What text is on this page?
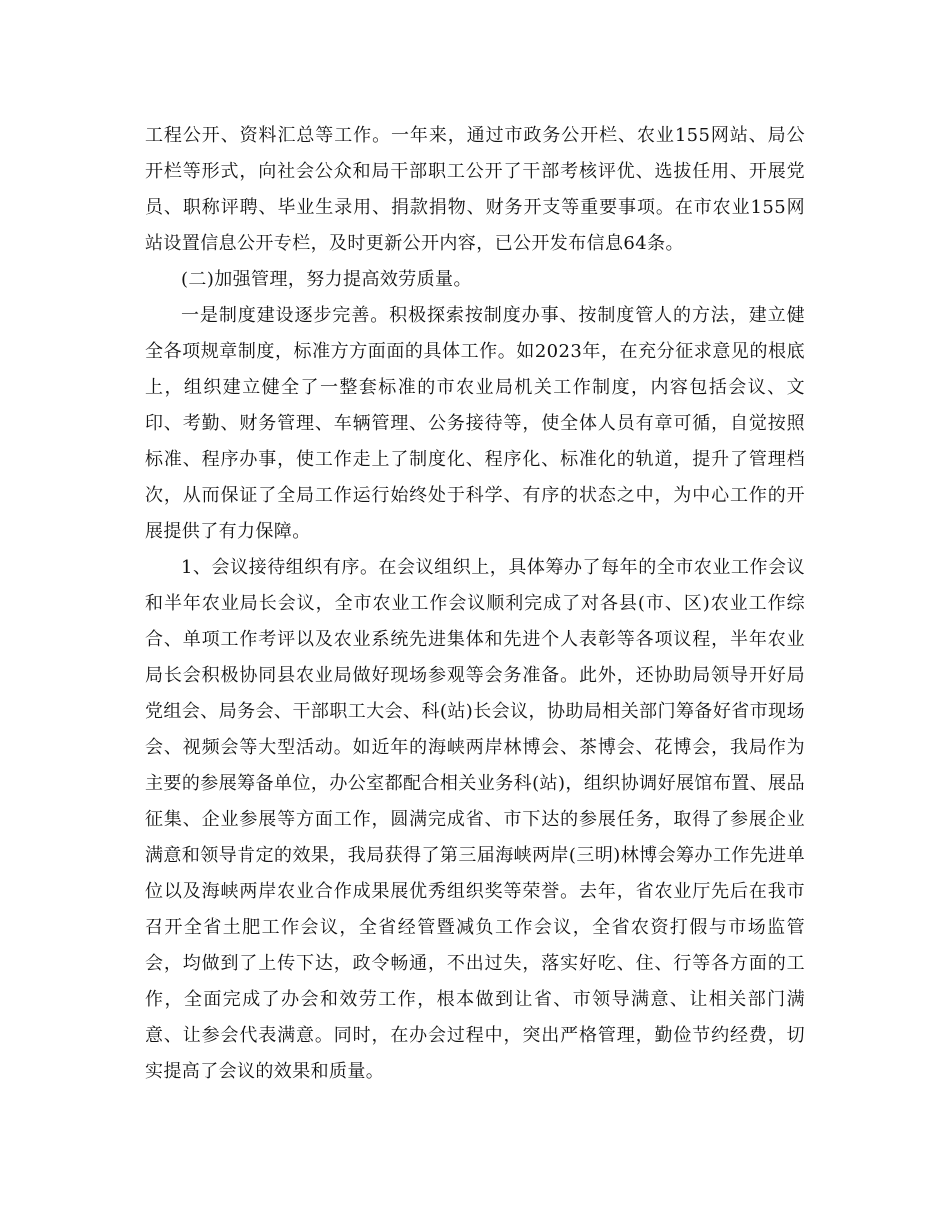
工程公开、资料汇总等工作。一年来，通过市政务公开栏、农业155网站、局公开栏等形式，向社会公众和局干部职工公开了干部考核评优、选拔任用、开展党员、职称评聘、毕业生录用、捐款捐物、财务开支等重要事项。在市农业155网站设置信息公开专栏，及时更新公开内容，已公开发布信息64条。

(二)加强管理，努力提高效劳质量。

一是制度建设逐步完善。积极探索按制度办事、按制度管人的方法，建立健全各项规章制度，标准方方面面的具体工作。如2023年，在充分征求意见的根底上，组织建立健全了一整套标准的市农业局机关工作制度，内容包括会议、文印、考勤、财务管理、车辆管理、公务接待等，使全体人员有章可循，自觉按照标准、程序办事，使工作走上了制度化、程序化、标准化的轨道，提升了管理档次，从而保证了全局工作运行始终处于科学、有序的状态之中，为中心工作的开展提供了有力保障。

1、会议接待组织有序。在会议组织上，具体筹办了每年的全市农业工作会议和半年农业局长会议，全市农业工作会议顺利完成了对各县(市、区)农业工作综合、单项工作考评以及农业系统先进集体和先进个人表彰等各项议程，半年农业局长会积极协同县农业局做好现场参观等会务准备。此外，还协助局领导开好局党组会、局务会、干部职工大会、科(站)长会议，协助局相关部门筹备好省市现场会、视频会等大型活动。如近年的海峡两岸林博会、茶博会、花博会，我局作为主要的参展筹备单位，办公室都配合相关业务科(站)，组织协调好展馆布置、展品征集、企业参展等方面工作，圆满完成省、市下达的参展任务，取得了参展企业满意和领导肯定的效果，我局获得了第三届海峡两岸(三明)林博会筹办工作先进单位以及海峡两岸农业合作成果展优秀组织奖等荣誉。去年，省农业厅先后在我市召开全省土肥工作会议，全省经管暨减负工作会议，全省农资打假与市场监管会，均做到了上传下达，政令畅通，不出过失，落实好吃、住、行等各方面的工作，全面完成了办会和效劳工作，根本做到让省、市领导满意、让相关部门满意、让参会代表满意。同时，在办会过程中，突出严格管理，勤俭节约经费，切实提高了会议的效果和质量。
